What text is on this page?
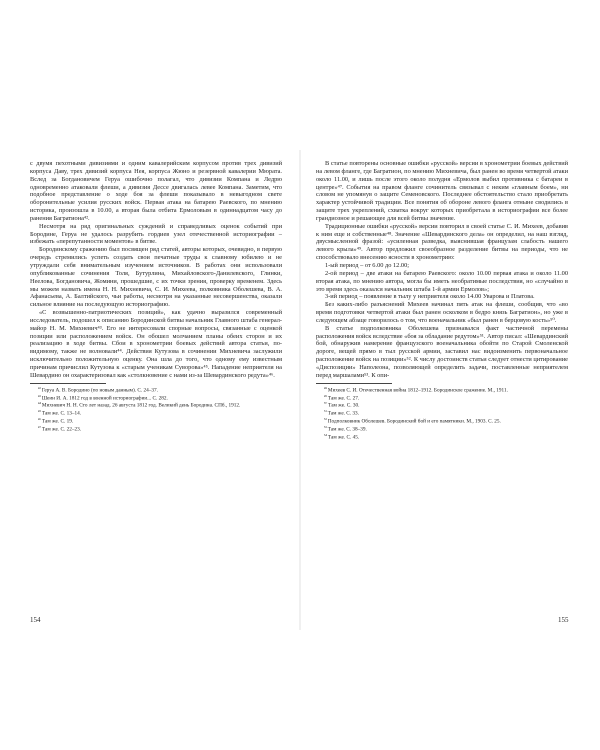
с двумя пехотными дивизиями и одним кавалерийским корпусом против трех дивизий корпуса Даву, трех дивизий корпуса Нея, корпуса Жюно и резервной кавалерии Мюрата. Вслед за Богдановичем Геруа ошибочно полагал, что дивизии Компана и Ледрю одновременно атаковали флеши, а дивизия Дессе двигалась левее Компана. Заметим, что подобное представление о ходе боя за флеши показывало в невыгодном свете оборонительные усилия русских войск. Первая атака на батарею Раевского, по мнению историка, произошла в 10.00, а вторая была отбита Ермоловым в одиннадцатом часу до ранения Багратиона⁴².

Несмотря на ряд оригинальных суждений и справедливых оценок событий при Бородине, Геруа не удалось разрубить гордиев узел отечественной историографии – избежать «перепутанности моментов» в битве.

Бородинскому сражению был посвящен ряд статей, авторы которых, очевидно, в первую очередь стремились успеть создать свои печатные труды к славному юбилею и не утруждали себя внимательным изучением источников. В работах они использовали опубликованные сочинения Толя, Бутурлина, Михайловского-Данилевского, Глинки, Неелова, Богдановича, Жомини, прошедшие, с их точки зрения, проверку временем. Здесь мы можем назвать имена Н. Н. Михневича, С. И. Михеева, полковника Оболешева, В. А. Афанасьева, А. Балтийского, чьи работы, несмотря на указанные несовершенства, оказали сильное влияние на последующую историографию.

«С возвышенно-патриотических позиций», как удачно выразился современный исследователь, подошел к описанию Бородинской битвы начальник Главного штаба генерал-майор Н. М. Михневич⁴³. Его не интересовали спорные вопросы, связанные с оценкой позиции или расположением войск. Он обошел молчанием планы обеих сторон и их реализацию в ходе битвы. Сбои в хронометрии боевых действий автора статьи, по-видимому, также не волновали⁴⁴. Действия Кутузова в сочинении Михневича заслужили исключительно положительную оценку. Она шла до того, что одному ему известным причинам причислил Кутузова к «старым ученикам Суворова»⁴⁵. Нападение неприятеля на Шевардино он охарактеризовал как «столкновение с нами из-за Шевардинского редута»⁴⁶.

$^{^{42}}$Геруа А. В. Бородино (по новым данным). С. 24–37.

$^{^{43}}$Шеин И. А. 1812 год в военной историографии... С. 282.

$^{^{44}}$Михневич Н. Н. Сто лет назад. 26 августа 1812 год. Великий день Бородина. СПб., 1912.

$^{^{45}}$Там же. С. 13–14.

$^{^{46}}$Там же. С. 19.

$^{^{47}}$Там же. С. 22–23.

В статье повторены основные ошибки «русской» версии в хронометрии боевых действий на левом фланге, где Багратион, по мнению Михневича, был ранен во время четвертой атаки около 11.00, и лишь после этого около полудня «Ермолов выбил противника с батареи в центре»⁴⁷. События на правом фланге сочинитель связывал с неким «главным боем», ни словом не упомянув о защите Семеновского. Последнее обстоятельство стало приобретать характер устойчивой традиции. Все понятия об обороне левого фланга отныне сводились в защите трех укреплений, схватка вокруг которых приобретала в историографии все более грандиозное и решающее для всей битвы значение.

Традиционные ошибки «русской» версии повторил в своей статье С. И. Михеев, добавив к ним еще и собственные⁴⁸. Значение «Шевардинского дела» он определил, на наш взгляд, двусмысленной фразой: «усиленная разведка, выяснившая французам слабость нашего левого крыла»⁴⁹. Автор предложил своеобразное разделение битвы на периоды, что не способствовало внесению ясности в хронометрию:

1-ый период – от 6.00 до 12.00;

2-ой период – две атаки на батарею Раевского: около 10.00 первая атака и около 11.00 вторая атака, по мнению автора, могла бы иметь необратимые последствия, но «случайно в это время здесь оказался начальник штаба 1-й армии Ермолов»;

3-ий период – появление в тылу у неприятеля около 14.00 Уварова и Платова.

Без каких-либо разъяснений Михеев начинал пять атак на флеши, сообщив, что «во время подготовки четвертой атаки был ранен осколком в бедро князь Багратион», но уже в следующем абзаце говорилось о том, что военачальник «был ранен в берцовую кость»⁵⁰.

В статье подполковника Оболешева признавался факт частичной перемены расположения войск вследствие «боя за обладание редутом»⁵¹. Автор писал: «Шевардинский бой, обнаружив намерение французского военачальника обойти по Старой Смоленской дороге, вещей прямо в тыл русской армии, заставил нас видоизменить первоначальное расположение войск на позиции»⁵². К числу достоинств статьи следует отнести цитирование «Диспозиции» Наполеона, позволяющей определить задачи, поставленные неприятелем перед маршалами⁵³. К опи-

$^{^{48}}$Михеев С. И. Отечественная война 1812–1912. Бородинское сражение. М., 1911.

$^{^{49}}$Там же. С. 27.

$^{^{50}}$Там же. С. 30.

$^{^{51}}$Там же. С. 33.

$^{^{52}}$Подполковник Оболешев. Бородинский бой и его памятники. М., 1903. С. 25.

$^{^{53}}$Там же. С. 38–39.

$^{^{54}}$Там же. С. 45.

154	155
